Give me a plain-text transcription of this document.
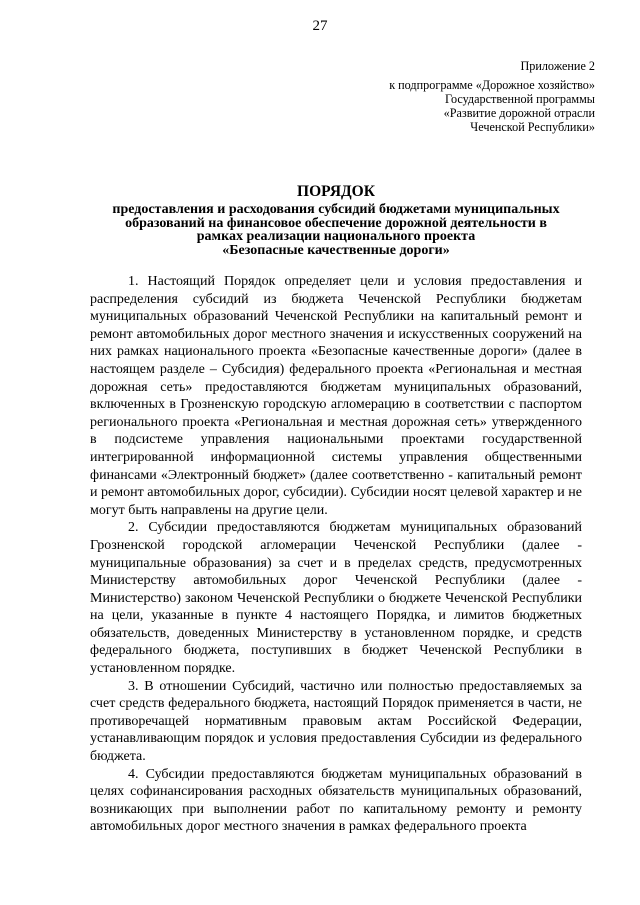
27
Приложение 2
к подпрограмме «Дорожное хозяйство»
Государственной программы
«Развитие дорожной отрасли
Чеченской Республики»
ПОРЯДОК
предоставления и расходования субсидий бюджетами муниципальных
образований на финансовое обеспечение дорожной деятельности в
рамках реализации национального проекта
«Безопасные качественные дороги»

1. Настоящий Порядок определяет цели и условия предоставления и распределения субсидий из бюджета Чеченской Республики бюджетам муниципальных образований Чеченской Республики на капитальный ремонт и ремонт автомобильных дорог местного значения и искусственных сооружений на них рамках национального проекта «Безопасные качественные дороги» (далее в настоящем разделе – Субсидия) федерального проекта «Региональная и местная дорожная сеть» предоставляются бюджетам муниципальных образований, включенных в Грозненскую городскую агломерацию в соответствии с паспортом регионального проекта «Региональная и местная дорожная сеть» утвержденного в подсистеме управления национальными проектами государственной интегрированной информационной системы управления общественными финансами «Электронный бюджет» (далее соответственно - капитальный ремонт и ремонт автомобильных дорог, субсидии). Субсидии носят целевой характер и не могут быть направлены на другие цели.

2. Субсидии предоставляются бюджетам муниципальных образований Грозненской городской агломерации Чеченской Республики (далее - муниципальные образования) за счет и в пределах средств, предусмотренных Министерству автомобильных дорог Чеченской Республики (далее - Министерство) законом Чеченской Республики о бюджете Чеченской Республики на цели, указанные в пункте 4 настоящего Порядка, и лимитов бюджетных обязательств, доведенных Министерству в установленном порядке, и средств федерального бюджета, поступивших в бюджет Чеченской Республики в установленном порядке.

3. В отношении Субсидий, частично или полностью предоставляемых за счет средств федерального бюджета, настоящий Порядок применяется в части, не противоречащей нормативным правовым актам Российской Федерации, устанавливающим порядок и условия предоставления Субсидии из федерального бюджета.

4. Субсидии предоставляются бюджетам муниципальных образований в целях софинансирования расходных обязательств муниципальных образований, возникающих при выполнении работ по капитальному ремонту и ремонту автомобильных дорог местного значения в рамках федерального проекта
